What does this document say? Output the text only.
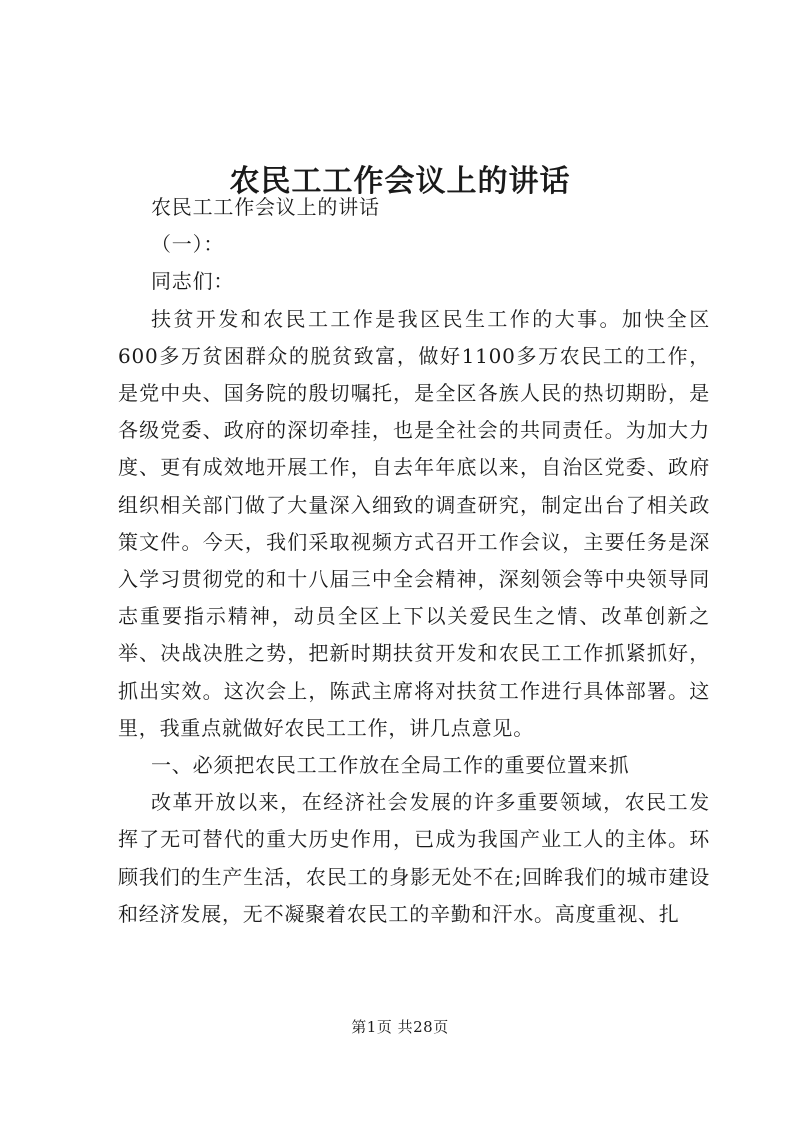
农民工工作会议上的讲话

农民工工作会议上的讲话

（一）：

同志们：

扶贫开发和农民工工作是我区民生工作的大事。加快全区600多万贫困群众的脱贫致富，做好1100多万农民工的工作，是党中央、国务院的殷切嘱托，是全区各族人民的热切期盼，是各级党委、政府的深切牵挂，也是全社会的共同责任。为加大力度、更有成效地开展工作，自去年年底以来，自治区党委、政府组织相关部门做了大量深入细致的调查研究，制定出台了相关政策文件。今天，我们采取视频方式召开工作会议，主要任务是深入学习贯彻党的和十八届三中全会精神，深刻领会等中央领导同志重要指示精神，动员全区上下以关爱民生之情、改革创新之举、决战决胜之势，把新时期扶贫开发和农民工工作抓紧抓好，抓出实效。这次会上，陈武主席将对扶贫工作进行具体部署。这里，我重点就做好农民工工作，讲几点意见。

一、必须把农民工工作放在全局工作的重要位置来抓

改革开放以来，在经济社会发展的许多重要领域，农民工发挥了无可替代的重大历史作用，已成为我国产业工人的主体。环顾我们的生产生活，农民工的身影无处不在;回眸我们的城市建设和经济发展，无不凝聚着农民工的辛勤和汗水。高度重视、扎

第1页 共28页
